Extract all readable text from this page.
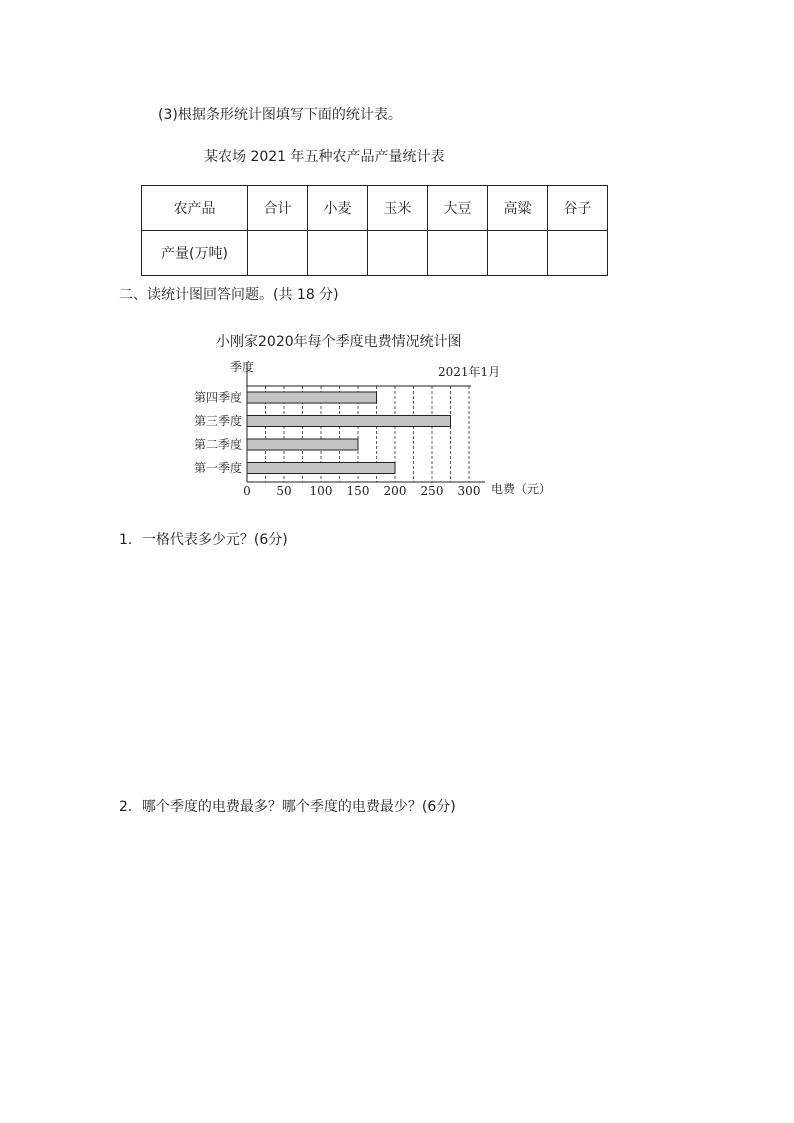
(3)根据条形统计图填写下面的统计表。
某农场 2021 年五种农产品产量统计表
农产品	合计	小麦	玉米	大豆	高粱	谷子
产量(万吨)						
二、读统计图回答问题。(共 18 分)
小刚家2020年每个季度电费情况统计图
季度	2021年1月
电费（元）
第一季度
第二季度
第三季度
第四季度
0 50 100 150 200 250 300
1．一格代表多少元？(6分)
2．哪个季度的电费最多？哪个季度的电费最少？(6分)
